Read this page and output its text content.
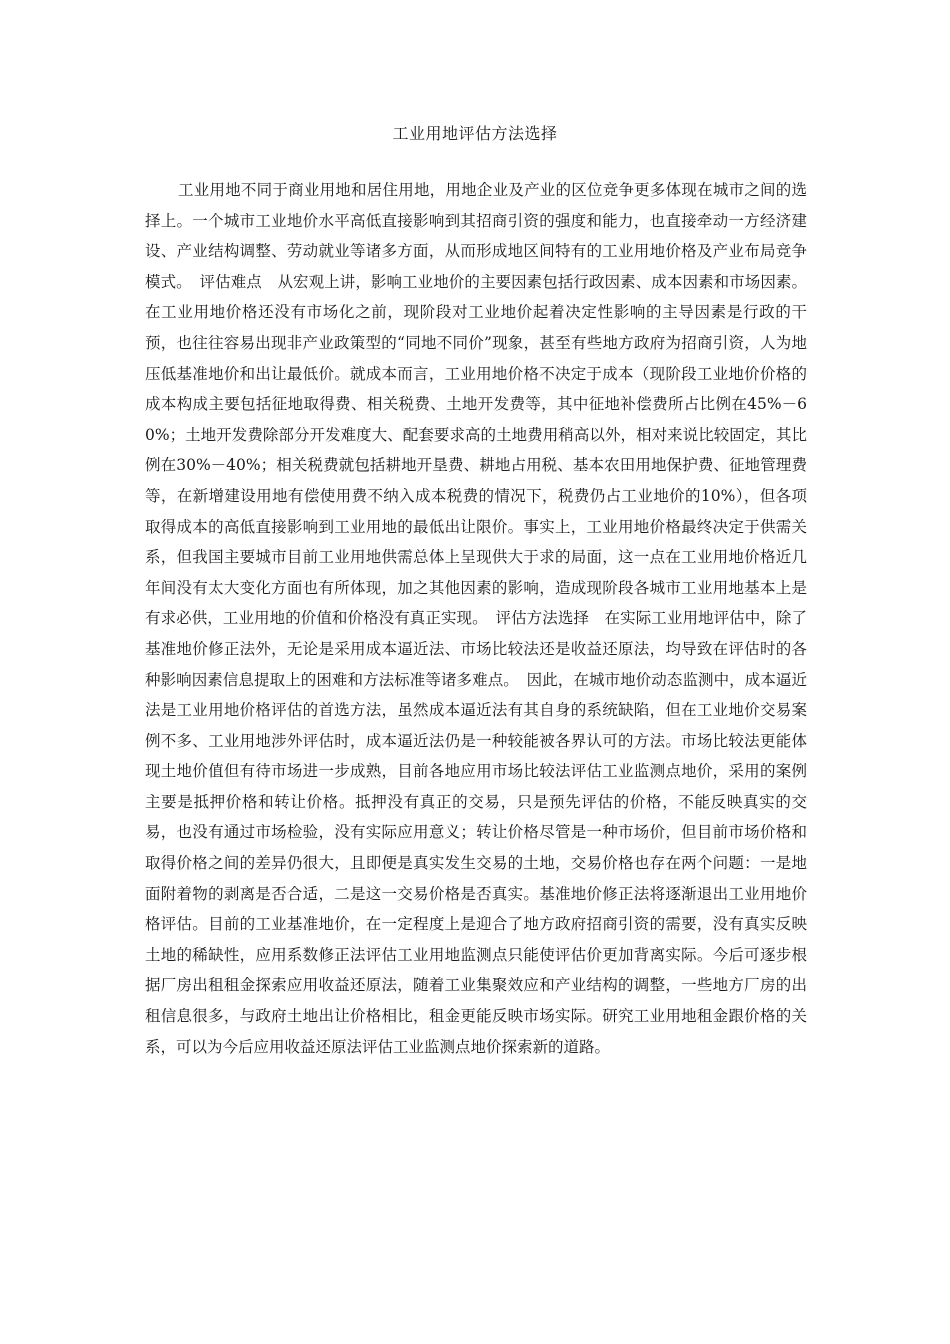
工业用地评估方法选择

工业用地不同于商业用地和居住用地，用地企业及产业的区位竞争更多体现在城市之间的选择上。一个城市工业地价水平高低直接影响到其招商引资的强度和能力，也直接牵动一方经济建设、产业结构调整、劳动就业等诸多方面，从而形成地区间特有的工业用地价格及产业布局竞争模式。　评估难点　从宏观上讲，影响工业地价的主要因素包括行政因素、成本因素和市场因素。在工业用地价格还没有市场化之前，现阶段对工业地价起着决定性影响的主导因素是行政的干预，也往往容易出现非产业政策型的“同地不同价”现象，甚至有些地方政府为招商引资，人为地压低基准地价和出让最低价。就成本而言，工业用地价格不决定于成本（现阶段工业地价价格的成本构成主要包括征地取得费、相关税费、土地开发费等，其中征地补偿费所占比例在45%－60%；土地开发费除部分开发难度大、配套要求高的土地费用稍高以外，相对来说比较固定，其比例在30%－40%；相关税费就包括耕地开垦费、耕地占用税、基本农田用地保护费、征地管理费等，在新增建设用地有偿使用费不纳入成本税费的情况下，税费仍占工业地价的10%），但各项取得成本的高低直接影响到工业用地的最低出让限价。事实上，工业用地价格最终决定于供需关系，但我国主要城市目前工业用地供需总体上呈现供大于求的局面，这一点在工业用地价格近几年间没有太大变化方面也有所体现，加之其他因素的影响，造成现阶段各城市工业用地基本上是有求必供，工业用地的价值和价格没有真正实现。　评估方法选择　在实际工业用地评估中，除了基准地价修正法外，无论是采用成本逼近法、市场比较法还是收益还原法，均导致在评估时的各种影响因素信息提取上的困难和方法标准等诸多难点。　因此，在城市地价动态监测中，成本逼近法是工业用地价格评估的首选方法，虽然成本逼近法有其自身的系统缺陷，但在工业地价交易案例不多、工业用地涉外评估时，成本逼近法仍是一种较能被各界认可的方法。市场比较法更能体现土地价值但有待市场进一步成熟，目前各地应用市场比较法评估工业监测点地价，采用的案例主要是抵押价格和转让价格。抵押没有真正的交易，只是预先评估的价格，不能反映真实的交易，也没有通过市场检验，没有实际应用意义；转让价格尽管是一种市场价，但目前市场价格和取得价格之间的差异仍很大，且即便是真实发生交易的土地，交易价格也存在两个问题：一是地面附着物的剥离是否合适，二是这一交易价格是否真实。基准地价修正法将逐渐退出工业用地价格评估。目前的工业基准地价，在一定程度上是迎合了地方政府招商引资的需要，没有真实反映土地的稀缺性，应用系数修正法评估工业用地监测点只能使评估价更加背离实际。今后可逐步根据厂房出租租金探索应用收益还原法，随着工业集聚效应和产业结构的调整，一些地方厂房的出租信息很多，与政府土地出让价格相比，租金更能反映市场实际。研究工业用地租金跟价格的关系，可以为今后应用收益还原法评估工业监测点地价探索新的道路。
